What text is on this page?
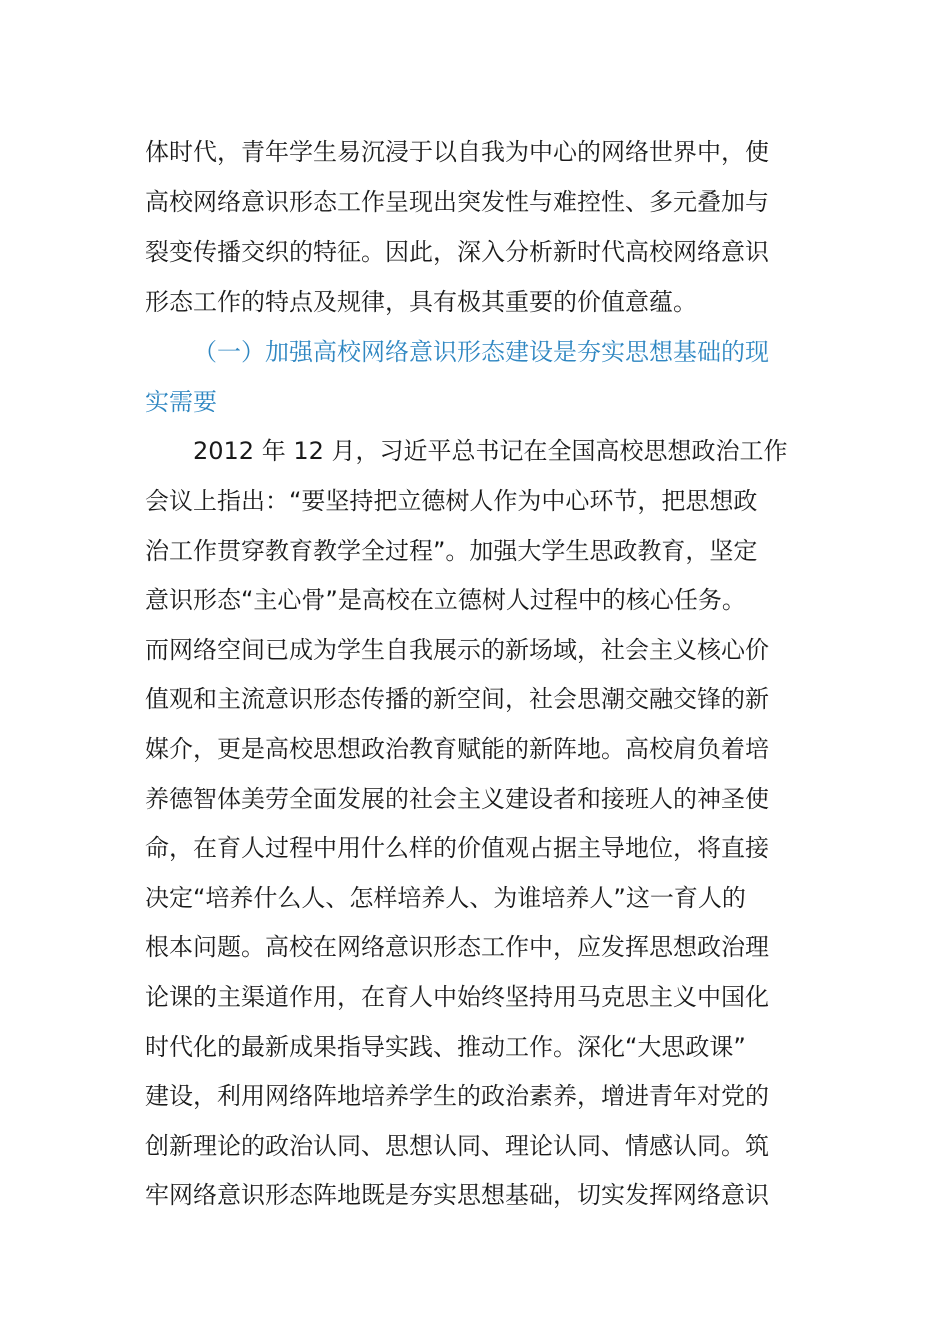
体时代，青年学生易沉浸于以自我为中心的网络世界中，使
高校网络意识形态工作呈现出突发性与难控性、多元叠加与
裂变传播交织的特征。因此，深入分析新时代高校网络意识
形态工作的特点及规律，具有极其重要的价值意蕴。
（一）加强高校网络意识形态建设是夯实思想基础的现
实需要
2012 年 12 月，习近平总书记在全国高校思想政治工作
会议上指出：“要坚持把立德树人作为中心环节，把思想政
治工作贯穿教育教学全过程”。加强大学生思政教育，坚定
意识形态“主心骨”是高校在立德树人过程中的核心任务。
而网络空间已成为学生自我展示的新场域，社会主义核心价
值观和主流意识形态传播的新空间，社会思潮交融交锋的新
媒介，更是高校思想政治教育赋能的新阵地。高校肩负着培
养德智体美劳全面发展的社会主义建设者和接班人的神圣使
命，在育人过程中用什么样的价值观占据主导地位，将直接
决定“培养什么人、怎样培养人、为谁培养人”这一育人的
根本问题。高校在网络意识形态工作中，应发挥思想政治理
论课的主渠道作用，在育人中始终坚持用马克思主义中国化
时代化的最新成果指导实践、推动工作。深化“大思政课”
建设，利用网络阵地培养学生的政治素养，增进青年对党的
创新理论的政治认同、思想认同、理论认同、情感认同。筑
牢网络意识形态阵地既是夯实思想基础，切实发挥网络意识
